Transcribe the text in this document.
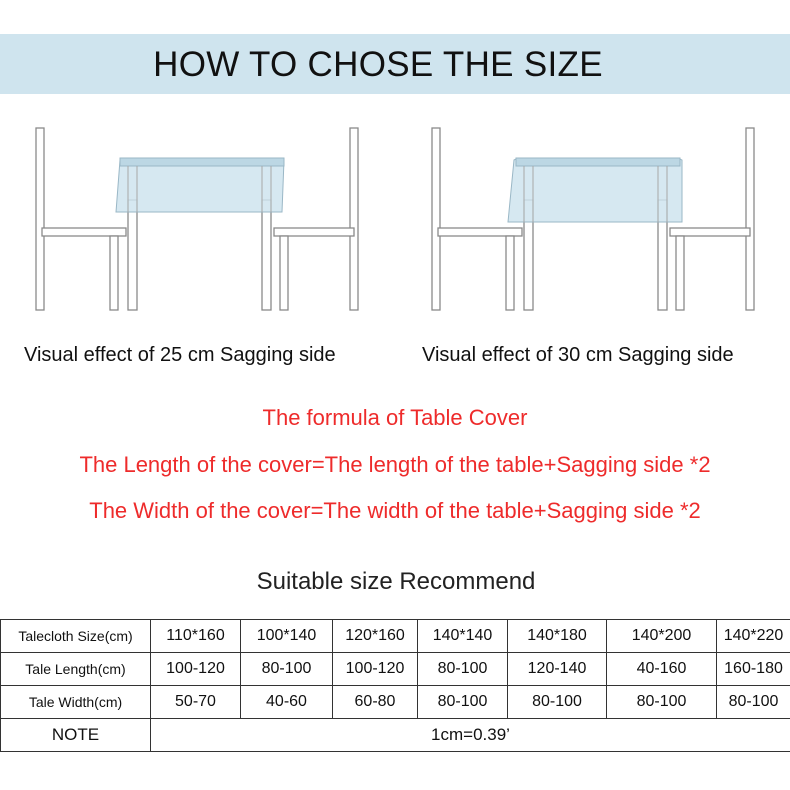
HOW TO CHOSE THE SIZE
Visual effect of 25 cm Sagging side	Visual effect of 30 cm Sagging side
The formula of Table Cover
The Length of the cover=The length of the table+Sagging side *2
The Width of the cover=The width of the table+Sagging side *2
Suitable size Recommend
Talecloth Size(cm)	110*160	100*140	120*160	140*140	140*180	140*200	140*220
Tale Length(cm)	100-120	80-100	100-120	80-100	120-140	40-160	160-180
Tale Width(cm)	50-70	40-60	60-80	80-100	80-100	80-100	80-100
NOTE	1cm=0.39’						
